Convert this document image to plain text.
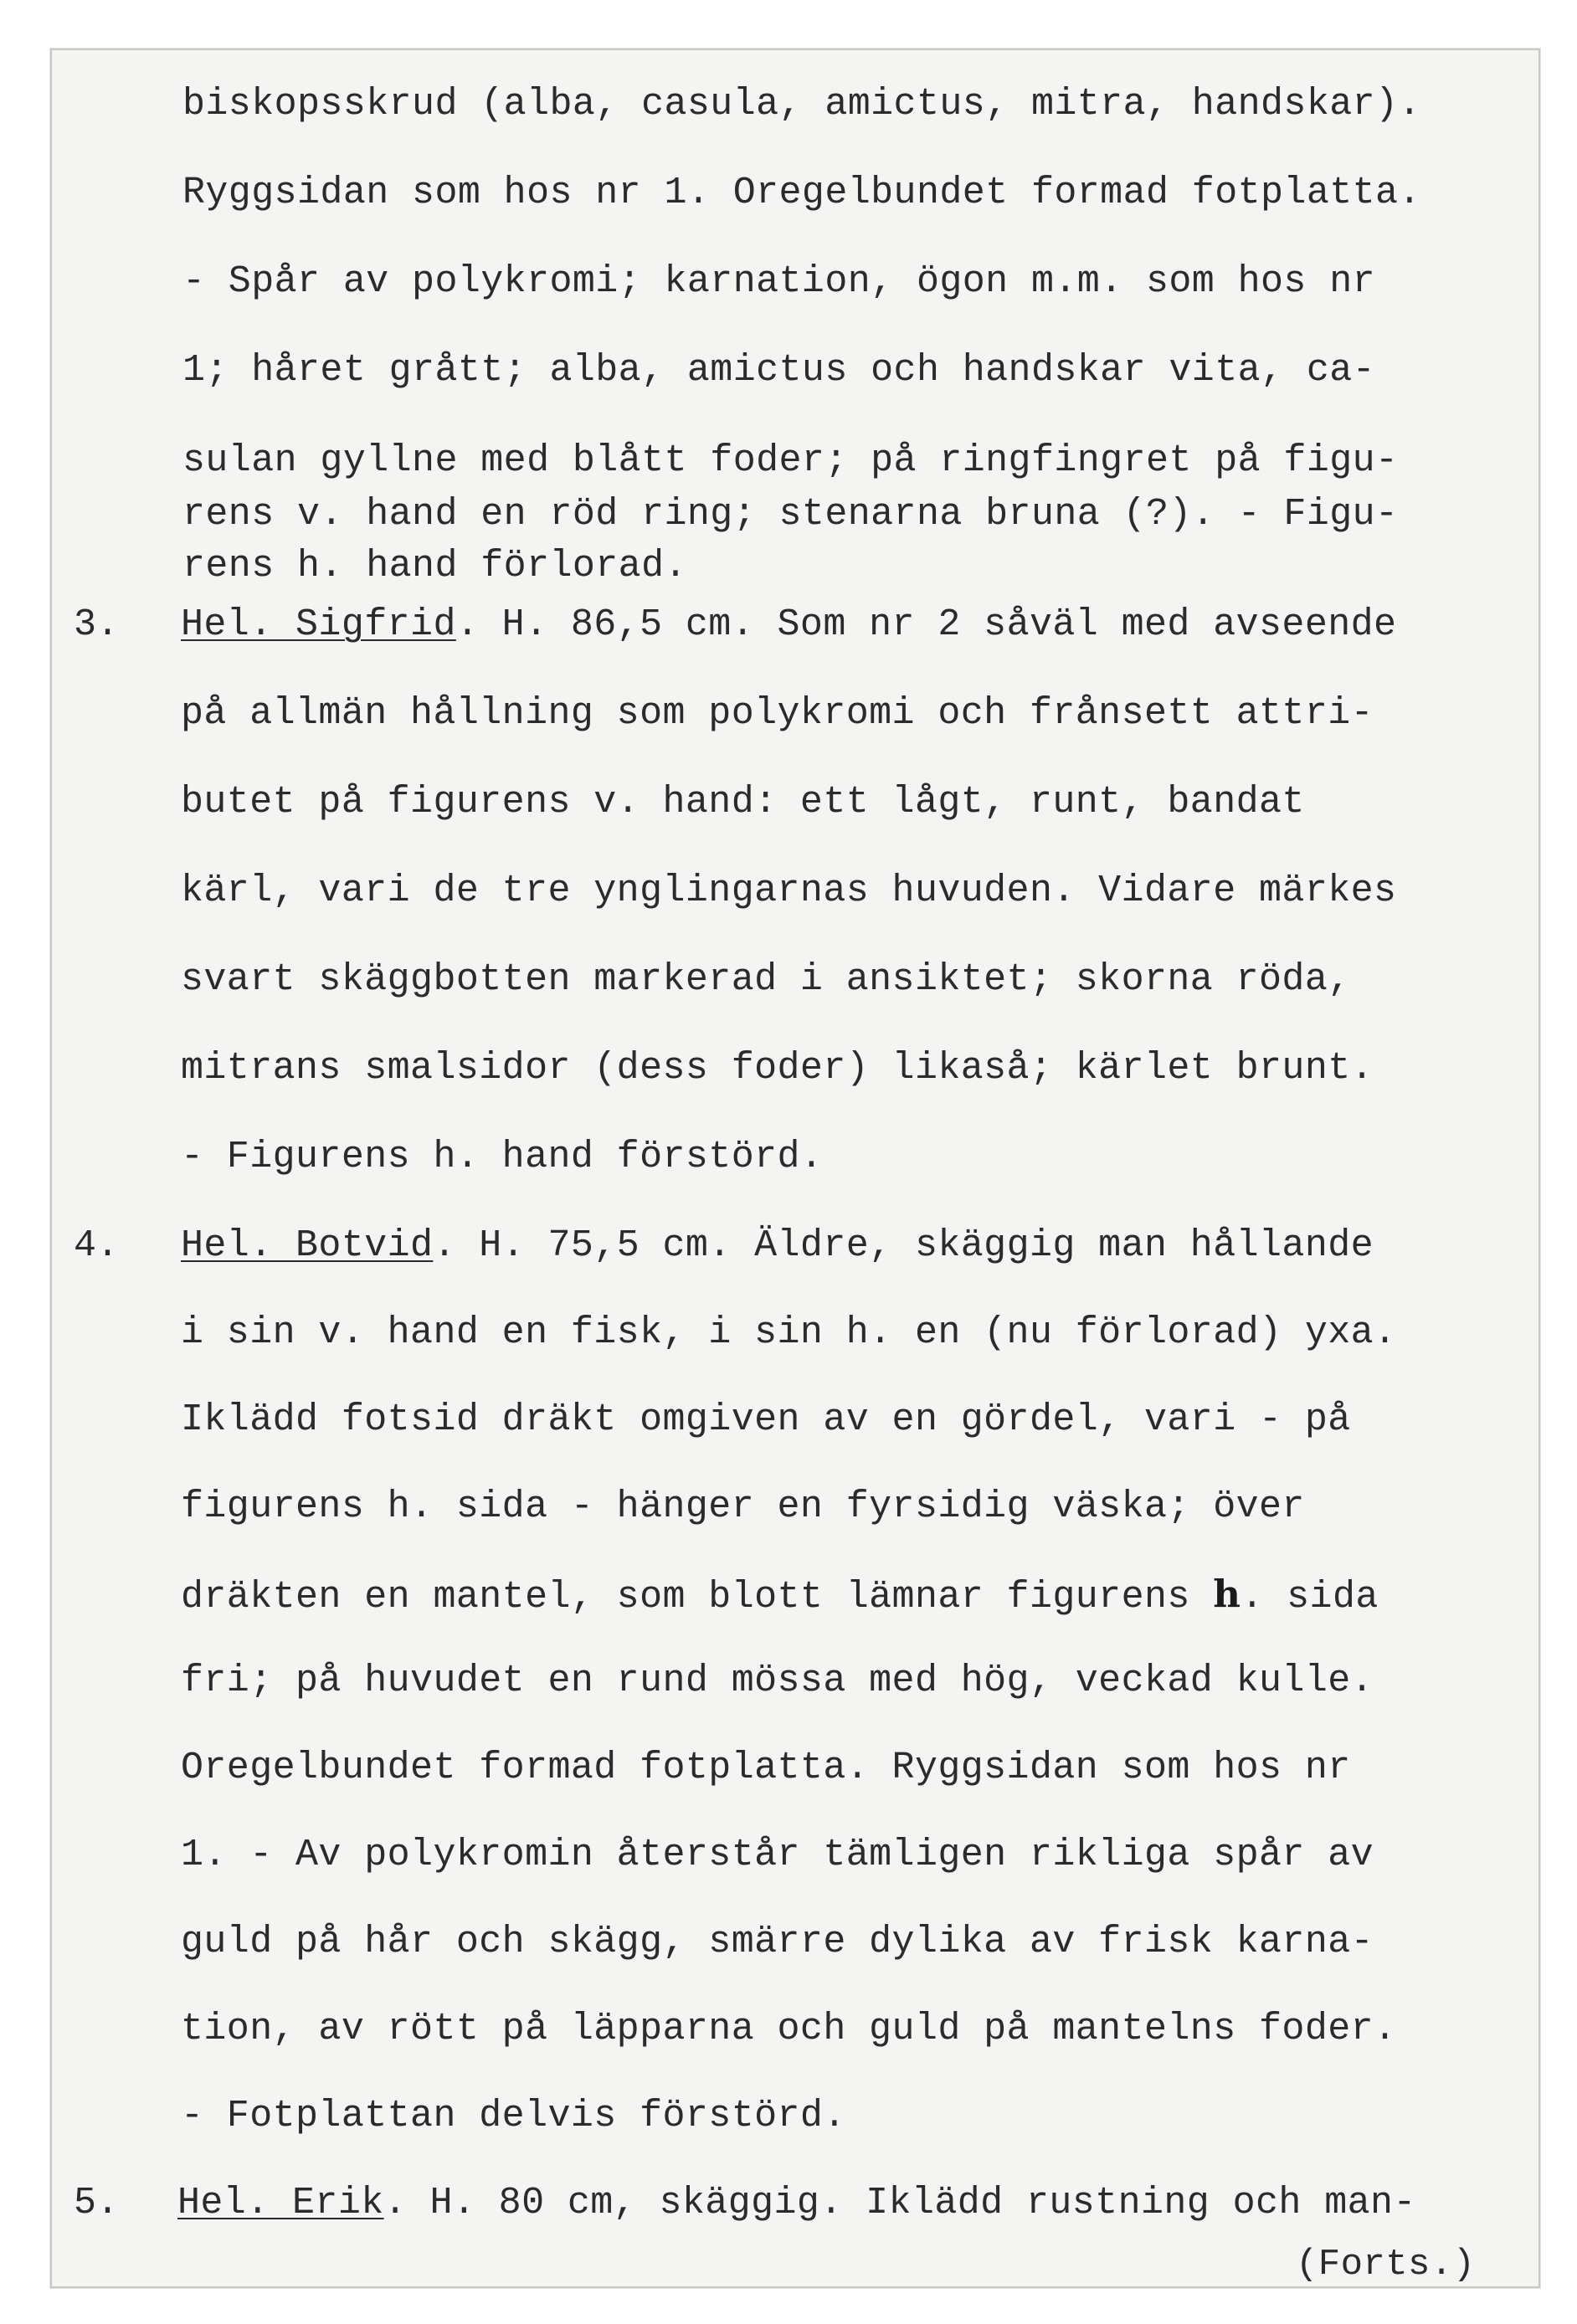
biskopsskrud (alba, casula, amictus, mitra, handskar).
Ryggsidan som hos nr 1. Oregelbundet formad fotplatta.
- Spår av polykromi; karnation, ögon m.m. som hos nr
1; håret grått; alba, amictus och handskar vita, ca-
sulan gyllne med blått foder; på ringfingret på figu-
rens v. hand en röd ring; stenarna bruna (?). - Figu-
rens h. hand förlorad.
3. Hel. Sigfrid. H. 86,5 cm. Som nr 2 såväl med avseende
på allmän hållning som polykromi och frånsett attri-
butet på figurens v. hand: ett lågt, runt, bandat
kärl, vari de tre ynglingarnas huvuden. Vidare märkes
svart skäggbotten markerad i ansiktet; skorna röda,
mitrans smalsidor (dess foder) likaså; kärlet brunt.
- Figurens h. hand förstörd.
4. Hel. Botvid. H. 75,5 cm. Äldre, skäggig man hållande
i sin v. hand en fisk, i sin h. en (nu förlorad) yxa.
Iklädd fotsid dräkt omgiven av en gördel, vari - på
figurens h. sida - hänger en fyrsidig väska; över
dräkten en mantel, som blott lämnar figurens h. sida
fri; på huvudet en rund mössa med hög, veckad kulle.
Oregelbundet formad fotplatta. Ryggsidan som hos nr
1. - Av polykromin återstår tämligen rikliga spår av
guld på hår och skägg, smärre dylika av frisk karna-
tion, av rött på läpparna och guld på mantelns foder.
- Fotplattan delvis förstörd.
5. Hel. Erik. H. 80 cm, skäggig. Iklädd rustning och man-
(Forts.)
